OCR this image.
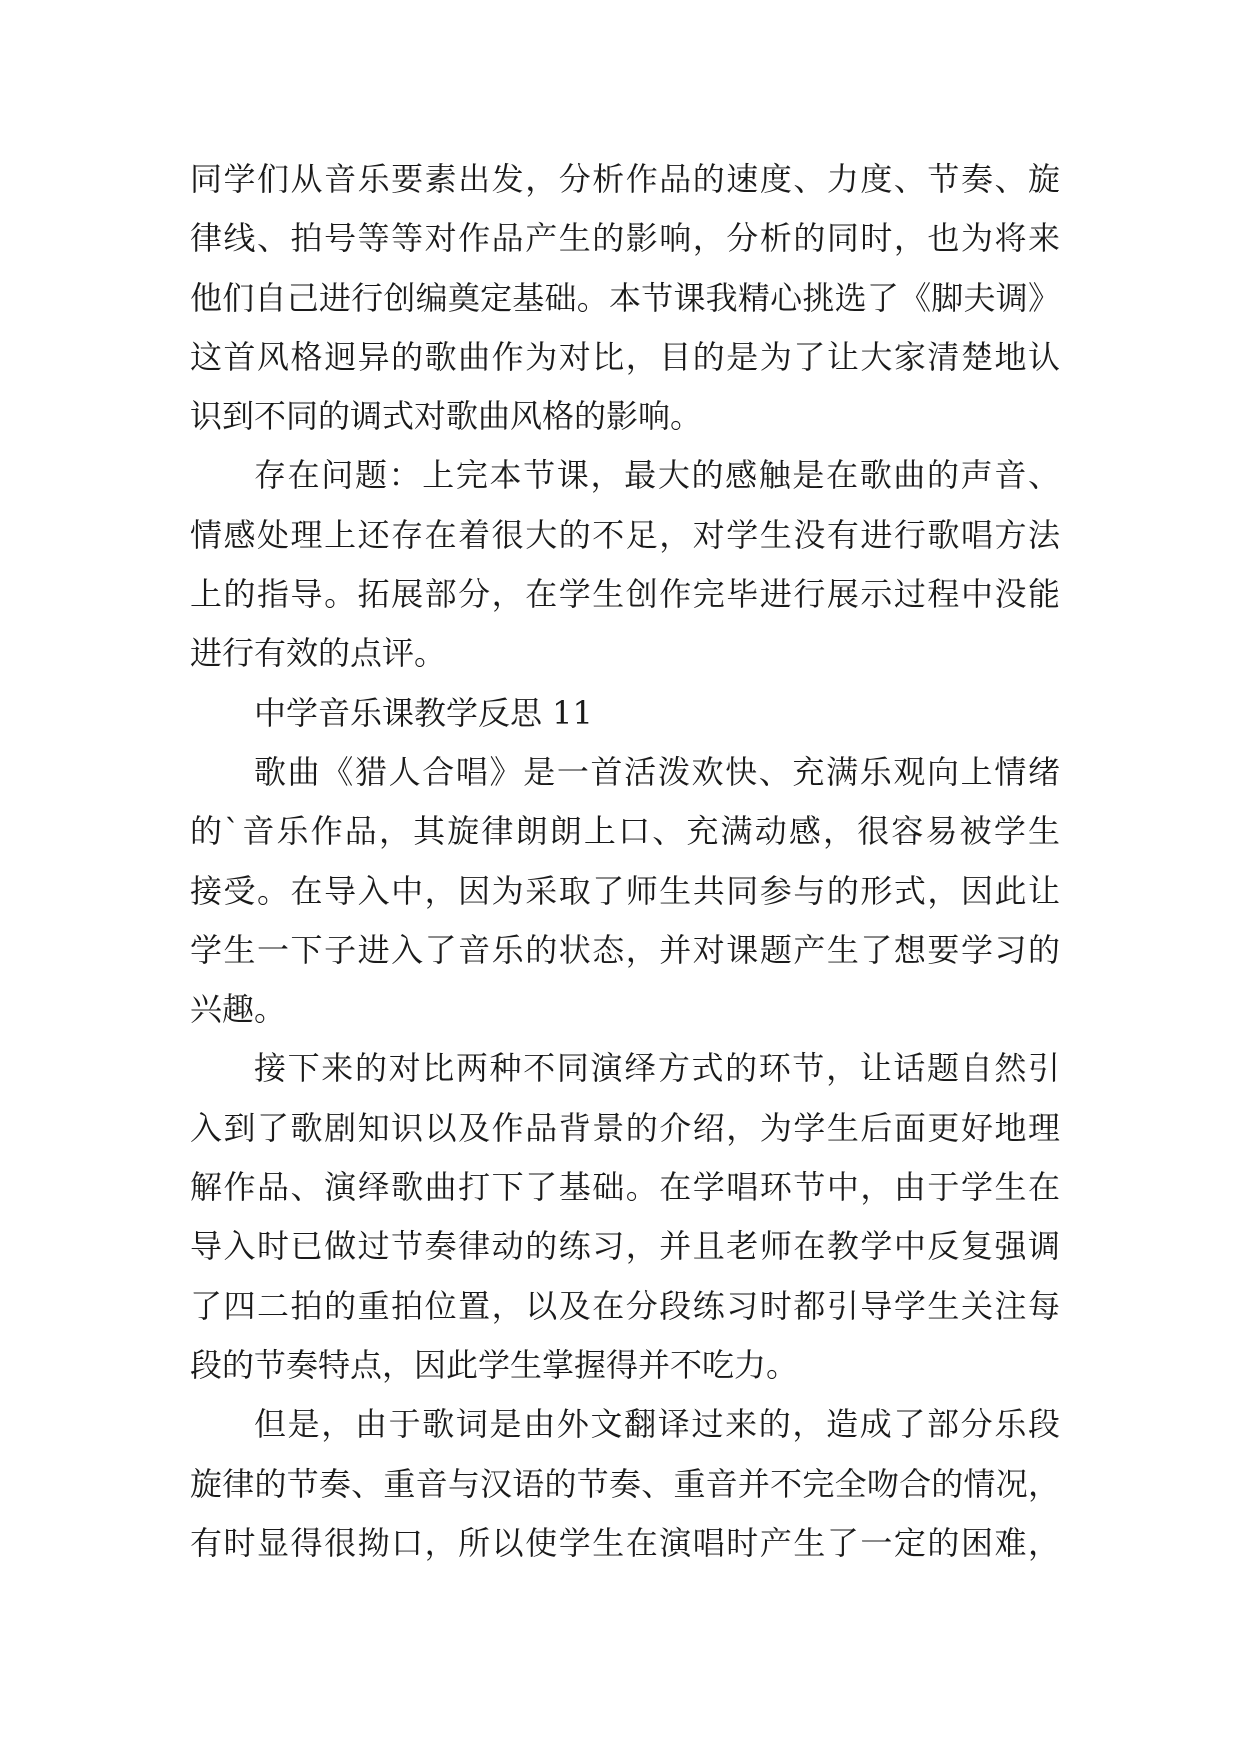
同学们从音乐要素出发，分析作品的速度、力度、节奏、旋
律线、拍号等等对作品产生的影响，分析的同时，也为将来
他们自己进行创编奠定基础。本节课我精心挑选了《脚夫调》
这首风格迥异的歌曲作为对比，目的是为了让大家清楚地认
识到不同的调式对歌曲风格的影响。
存在问题：上完本节课，最大的感触是在歌曲的声音、
情感处理上还存在着很大的不足，对学生没有进行歌唱方法
上的指导。拓展部分，在学生创作完毕进行展示过程中没能
进行有效的点评。
中学音乐课教学反思 11
歌曲《猎人合唱》是一首活泼欢快、充满乐观向上情绪
的`音乐作品，其旋律朗朗上口、充满动感，很容易被学生
接受。在导入中，因为采取了师生共同参与的形式，因此让
学生一下子进入了音乐的状态，并对课题产生了想要学习的
兴趣。
接下来的对比两种不同演绎方式的环节，让话题自然引
入到了歌剧知识以及作品背景的介绍，为学生后面更好地理
解作品、演绎歌曲打下了基础。在学唱环节中，由于学生在
导入时已做过节奏律动的练习，并且老师在教学中反复强调
了四二拍的重拍位置，以及在分段练习时都引导学生关注每
段的节奏特点，因此学生掌握得并不吃力。
但是，由于歌词是由外文翻译过来的，造成了部分乐段
旋律的节奏、重音与汉语的节奏、重音并不完全吻合的情况，
有时显得很拗口，所以使学生在演唱时产生了一定的困难，
